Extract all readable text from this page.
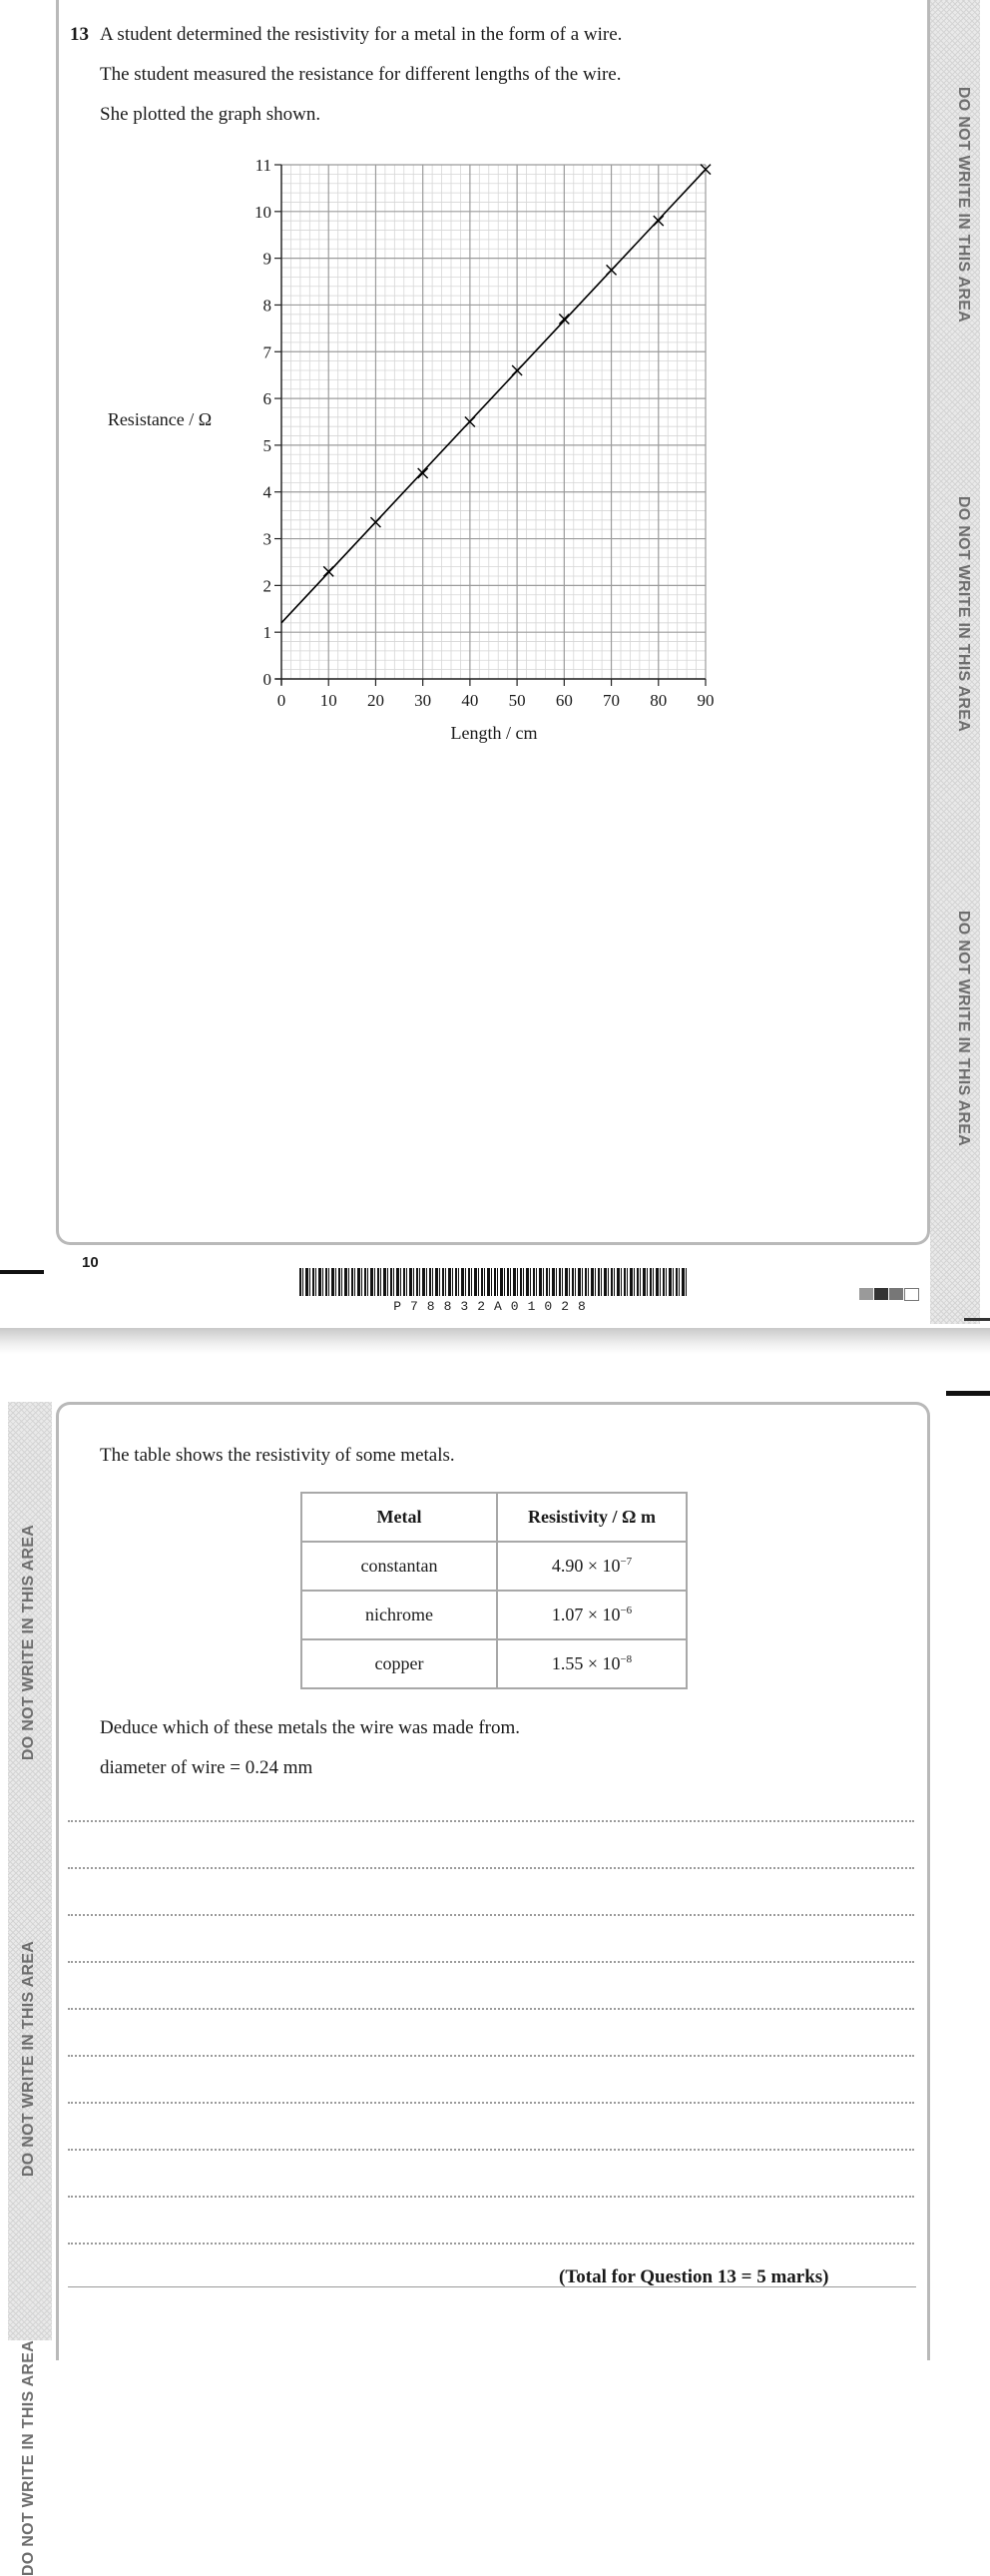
DO NOT WRITE IN THIS AREA
DO NOT WRITE IN THIS AREA
DO NOT WRITE IN THIS AREA
13 A student determined the resistivity for a metal in the form of a wire.
The student measured the resistance for different lengths of the wire.
She plotted the graph shown.
0
1
2
3
4
5
6
7
8
9
10
11
0 10 20 30 40 50 60 70 80 90
Resistance / Ω
Length / cm
10
P78832A01028
DO NOT WRITE IN THIS AREA
DO NOT WRITE IN THIS AREA
DO NOT WRITE IN THIS AREA
The table shows the resistivity of some metals.
Metal	Resistivity / Ω m
constantan	$4.90 \times 10^{-7}$
nichrome	$1.07 \times 10^{-6}$
copper	$1.55 \times 10^{-8}$
Deduce which of these metals the wire was made from.
diameter of wire = 0.24 mm
(Total for Question 13 = 5 marks)
